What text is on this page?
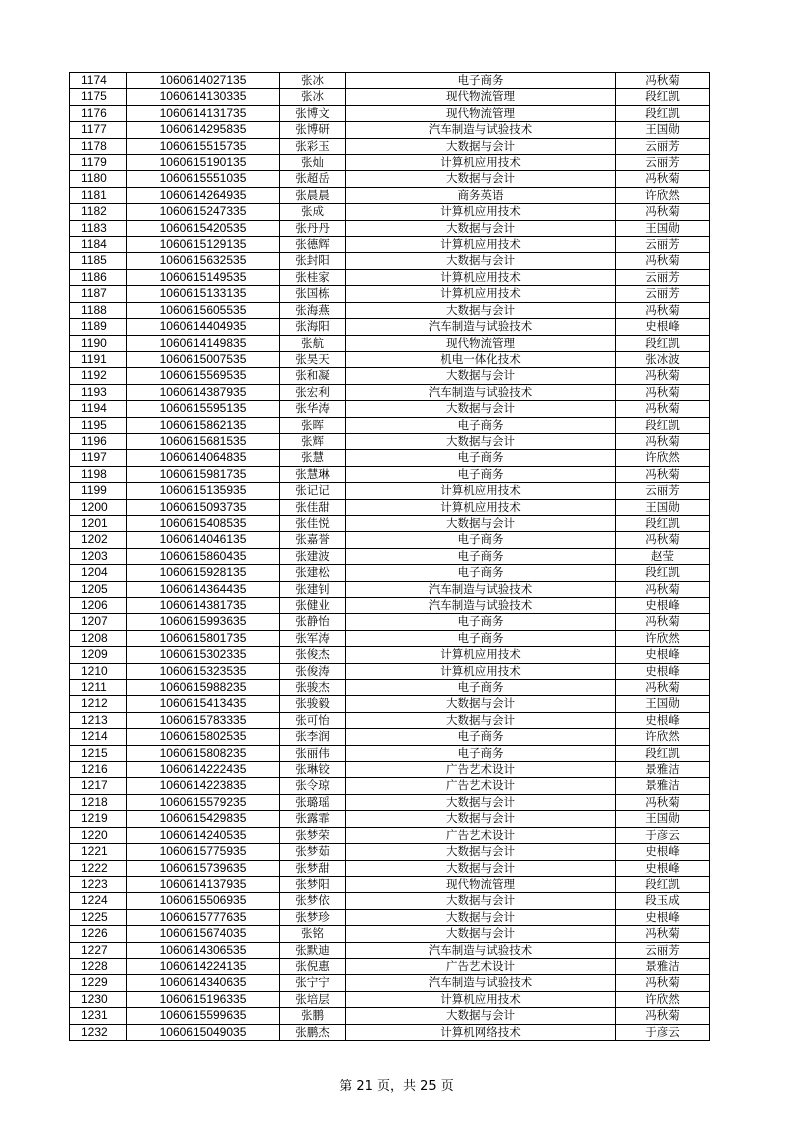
1174	1060614027135	张冰	电子商务	冯秋菊
1175	1060614130335	张冰	现代物流管理	段红凯
1176	1060614131735	张博文	现代物流管理	段红凯
1177	1060614295835	张博研	汽车制造与试验技术	王国勋
1178	1060615515735	张彩玉	大数据与会计	云丽芳
1179	1060615190135	张灿	计算机应用技术	云丽芳
1180	1060615551035	张超岳	大数据与会计	冯秋菊
1181	1060614264935	张晨晨	商务英语	许欣然
1182	1060615247335	张成	计算机应用技术	冯秋菊
1183	1060615420535	张丹丹	大数据与会计	王国勋
1184	1060615129135	张德辉	计算机应用技术	云丽芳
1185	1060615632535	张封阳	大数据与会计	冯秋菊
1186	1060615149535	张桂家	计算机应用技术	云丽芳
1187	1060615133135	张国栋	计算机应用技术	云丽芳
1188	1060615605535	张海燕	大数据与会计	冯秋菊
1189	1060614404935	张海阳	汽车制造与试验技术	史根峰
1190	1060614149835	张航	现代物流管理	段红凯
1191	1060615007535	张昊天	机电一体化技术	张冰波
1192	1060615569535	张和凝	大数据与会计	冯秋菊
1193	1060614387935	张宏利	汽车制造与试验技术	冯秋菊
1194	1060615595135	张华涛	大数据与会计	冯秋菊
1195	1060615862135	张晖	电子商务	段红凯
1196	1060615681535	张辉	大数据与会计	冯秋菊
1197	1060614064835	张慧	电子商务	许欣然
1198	1060615981735	张慧琳	电子商务	冯秋菊
1199	1060615135935	张记记	计算机应用技术	云丽芳
1200	1060615093735	张佳甜	计算机应用技术	王国勋
1201	1060615408535	张佳悦	大数据与会计	段红凯
1202	1060614046135	张嘉誉	电子商务	冯秋菊
1203	1060615860435	张建波	电子商务	赵莹
1204	1060615928135	张建松	电子商务	段红凯
1205	1060614364435	张建钊	汽车制造与试验技术	冯秋菊
1206	1060614381735	张健业	汽车制造与试验技术	史根峰
1207	1060615993635	张静怡	电子商务	冯秋菊
1208	1060615801735	张军涛	电子商务	许欣然
1209	1060615302335	张俊杰	计算机应用技术	史根峰
1210	1060615323535	张俊涛	计算机应用技术	史根峰
1211	1060615988235	张骏杰	电子商务	冯秋菊
1212	1060615413435	张骏毅	大数据与会计	王国勋
1213	1060615783335	张可怡	大数据与会计	史根峰
1214	1060615802535	张李润	电子商务	许欣然
1215	1060615808235	张丽伟	电子商务	段红凯
1216	1060614222435	张琳铰	广告艺术设计	景雅洁
1217	1060614223835	张令琼	广告艺术设计	景雅洁
1218	1060615579235	张璐瑶	大数据与会计	冯秋菊
1219	1060615429835	张露霏	大数据与会计	王国勋
1220	1060614240535	张梦荣	广告艺术设计	于彦云
1221	1060615775935	张梦茹	大数据与会计	史根峰
1222	1060615739635	张梦甜	大数据与会计	史根峰
1223	1060614137935	张梦阳	现代物流管理	段红凯
1224	1060615506935	张梦依	大数据与会计	段玉成
1225	1060615777635	张梦珍	大数据与会计	史根峰
1226	1060615674035	张铭	大数据与会计	冯秋菊
1227	1060614306535	张默迪	汽车制造与试验技术	云丽芳
1228	1060614224135	张倪惠	广告艺术设计	景雅洁
1229	1060614340635	张宁宁	汽车制造与试验技术	冯秋菊
1230	1060615196335	张培层	计算机应用技术	许欣然
1231	1060615599635	张鹏	大数据与会计	冯秋菊
1232	1060615049035	张鹏杰	计算机网络技术	于彦云
第 21 页，共 25 页
